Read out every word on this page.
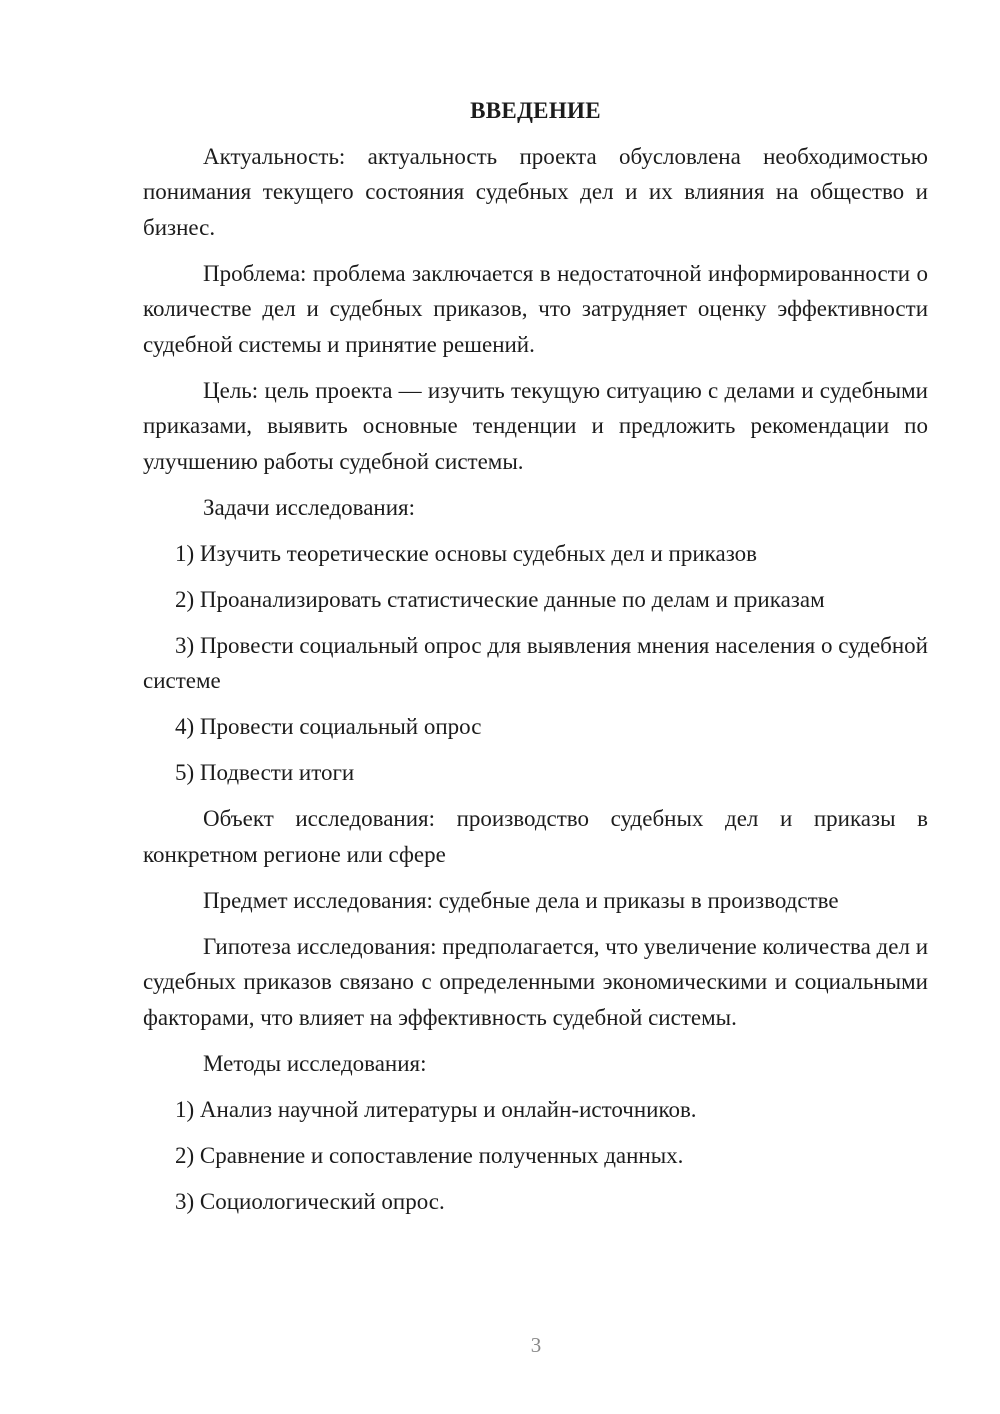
ВВЕДЕНИЕ

Актуальность: актуальность проекта обусловлена необходимостью понимания текущего состояния судебных дел и их влияния на общество и бизнес.

Проблема: проблема заключается в недостаточной информированности о количестве дел и судебных приказов, что затрудняет оценку эффективности судебной системы и принятие решений.

Цель: цель проекта — изучить текущую ситуацию с делами и судебными приказами, выявить основные тенденции и предложить рекомендации по улучшению работы судебной системы.

Задачи исследования:

1) Изучить теоретические основы судебных дел и приказов

2) Проанализировать статистические данные по делам и приказам

3) Провести социальный опрос для выявления мнения населения о судебной системе

4) Провести социальный опрос

5) Подвести итоги

Объект исследования: производство судебных дел и приказы в конкретном регионе или сфере

Предмет исследования: судебные дела и приказы в производстве

Гипотеза исследования: предполагается, что увеличение количества дел и судебных приказов связано с определенными экономическими и социальными факторами, что влияет на эффективность судебной системы.

Методы исследования:

1) Анализ научной литературы и онлайн-источников.

2) Сравнение и сопоставление полученных данных.

3) Социологический опрос.

3
